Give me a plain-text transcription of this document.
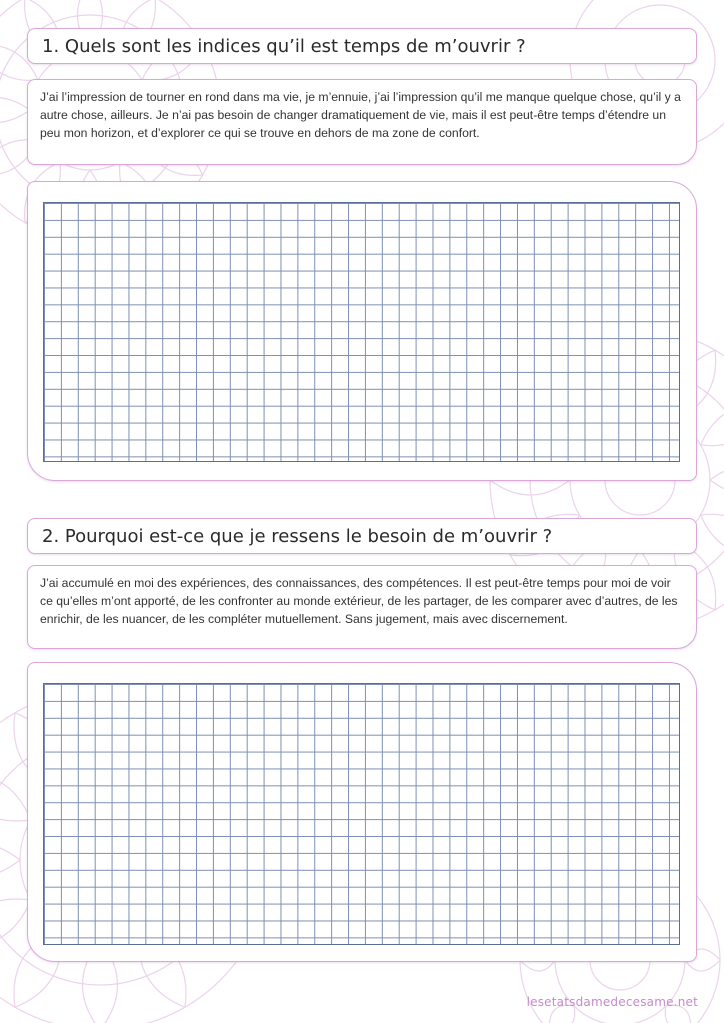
1. Quels sont les indices qu’il est temps de m’ouvrir ?
J’ai l’impression de tourner en rond dans ma vie, je m’ennuie, j’ai l’impression qu’il me manque quelque chose, qu’il y a autre chose, ailleurs. Je n’ai pas besoin de changer dramatiquement de vie, mais il est peut-être temps d’étendre un peu mon horizon, et d’explorer ce qui se trouve en dehors de ma zone de confort.
2. Pourquoi est-ce que je ressens le besoin de m’ouvrir ?
J’ai accumulé en moi des expériences, des connaissances, des compétences. Il est peut-être temps pour moi de voir ce qu’elles m’ont apporté, de les confronter au monde extérieur, de les partager, de les comparer avec d’autres, de les enrichir, de les nuancer, de les compléter mutuellement. Sans jugement, mais avec discernement.
lesetatsdamedecesame.net
